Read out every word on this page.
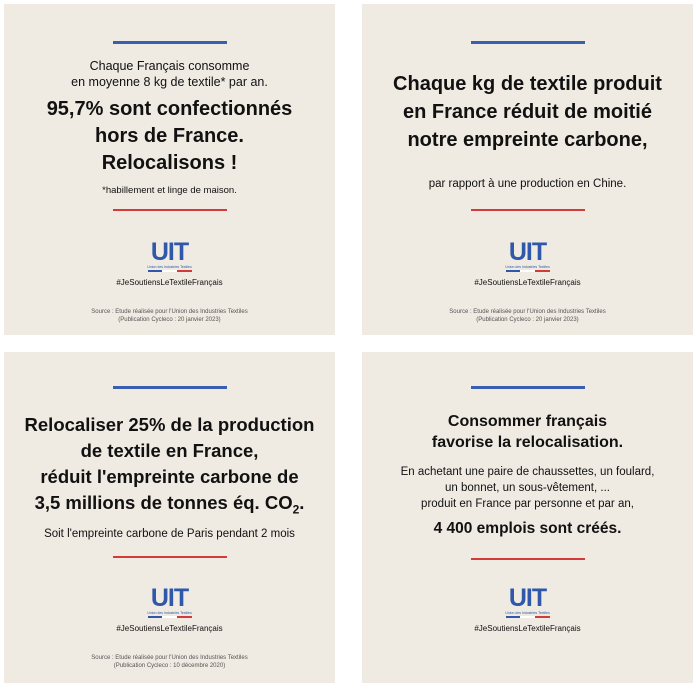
Chaque Français consomme
en moyenne 8 kg de textile* par an.
95,7% sont confectionnés
hors de France.
Relocalisons !
*habillement et linge de maison.
UIT
Union des Industries Textiles
#JeSoutiensLeTextileFrançais
Source : Etude réalisée pour l'Union des Industries Textiles
(Publication Cycleco : 20 janvier 2023)
Chaque kg de textile produit
en France réduit de moitié
notre empreinte carbone,
par rapport à une production en Chine.
UIT
Union des Industries Textiles
#JeSoutiensLeTextileFrançais
Source : Etude réalisée pour l'Union des Industries Textiles
(Publication Cycleco : 20 janvier 2023)
Relocaliser 25% de la production
de textile en France,
réduit l'empreinte carbone de
3,5 millions de tonnes éq. $CO_2$.
Soit l'empreinte carbone de Paris pendant 2 mois
UIT
Union des Industries Textiles
#JeSoutiensLeTextileFrançais
Source : Etude réalisée pour l'Union des Industries Textiles
(Publication Cycleco : 10 décembre 2020)
Consommer français
favorise la relocalisation.
En achetant une paire de chaussettes, un foulard,
un bonnet, un sous-vêtement, ...
produit en France par personne et par an,
4 400 emplois sont créés.
UIT
Union des Industries Textiles
#JeSoutiensLeTextileFrançais
